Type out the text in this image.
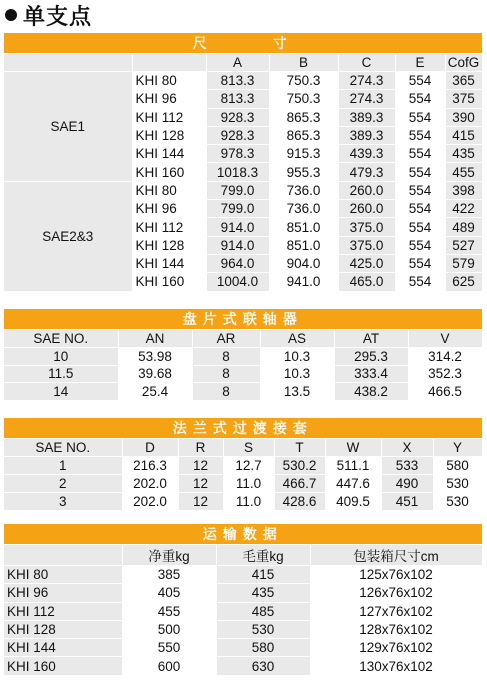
单支点
尺　　　寸						
		A	B	C	E	CofG
SAE1	KHI 80	813.3	750.3	274.3	554	365
	KHI 96	813.3	750.3	274.3	554	375
	KHI 112	928.3	865.3	389.3	554	390
	KHI 128	928.3	865.3	389.3	554	415
	KHI 144	978.3	915.3	439.3	554	435
	KHI 160	1018.3	955.3	479.3	554	455
SAE2&3	KHI 80	799.0	736.0	260.0	554	398
	KHI 96	799.0	736.0	260.0	554	422
	KHI 112	914.0	851.0	375.0	554	489
	KHI 128	914.0	851.0	375.0	554	527
	KHI 144	964.0	904.0	425.0	554	579
	KHI 160	1004.0	941.0	465.0	554	625
盘片式联轴器					
SAE NO.	AN	AR	AS	AT	V
10	53.98	8	10.3	295.3	314.2
11.5	39.68	8	10.3	333.4	352.3
14	25.4	8	13.5	438.2	466.5
法兰式过渡接套							
SAE NO.	D	R	S	T	W	X	Y
1	216.3	12	12.7	530.2	511.1	533	580
2	202.0	12	11.0	466.7	447.6	490	530
3	202.0	12	11.0	428.6	409.5	451	530
运输数据			
	净重kg	毛重kg	包装箱尺寸cm
KHI 80	385	415	125x76x102
KHI 96	405	435	126x76x102
KHI 112	455	485	127x76x102
KHI 128	500	530	128x76x102
KHI 144	550	580	129x76x102
KHI 160	600	630	130x76x102
